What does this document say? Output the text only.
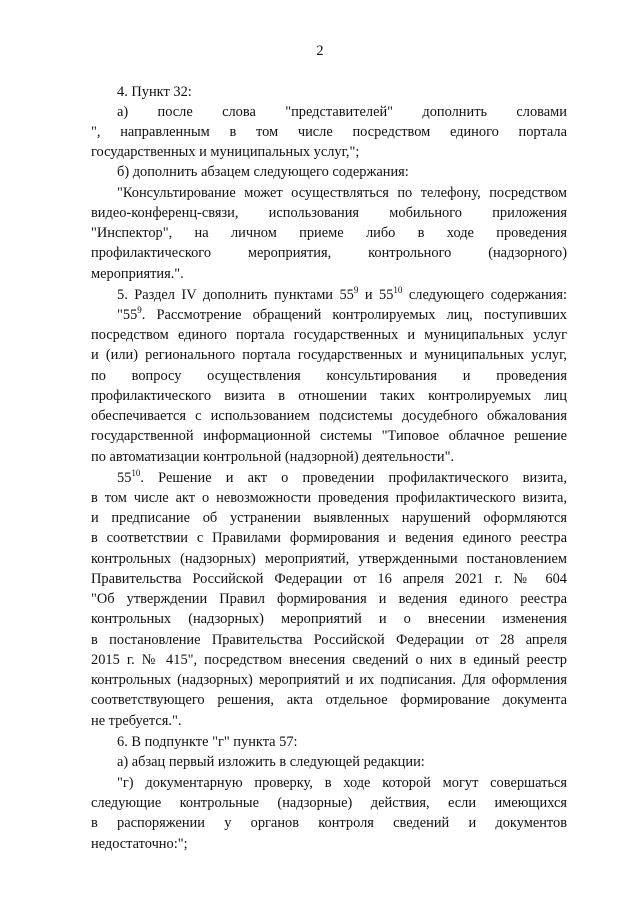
2
4. Пункт 32:
а) после слова "представителей" дополнить словами
", направленным в том числе посредством единого портала
государственных и муниципальных услуг,";
б) дополнить абзацем следующего содержания:
"Консультирование может осуществляться по телефону, посредством
видео-конференц-связи, использования мобильного приложения
"Инспектор", на личном приеме либо в ходе проведения
профилактического мероприятия, контрольного (надзорного)
мероприятия.".
5. Раздел IV дополнить пунктами $55^9$ и $55^{10}$ следующего содержания:
"$55^9$. Рассмотрение обращений контролируемых лиц, поступивших
посредством единого портала государственных и муниципальных услуг
и (или) регионального портала государственных и муниципальных услуг,
по вопросу осуществления консультирования и проведения
профилактического визита в отношении таких контролируемых лиц
обеспечивается с использованием подсистемы досудебного обжалования
государственной информационной системы "Типовое облачное решение
по автоматизации контрольной (надзорной) деятельности".
$55^{10}$. Решение и акт о проведении профилактического визита,
в том числе акт о невозможности проведения профилактического визита,
и предписание об устранении выявленных нарушений оформляются
в соответствии с Правилами формирования и ведения единого реестра
контрольных (надзорных) мероприятий, утвержденными постановлением
Правительства Российской Федерации от 16 апреля 2021 г. № 604
"Об утверждении Правил формирования и ведения единого реестра
контрольных (надзорных) мероприятий и о внесении изменения
в постановление Правительства Российской Федерации от 28 апреля
2015 г. № 415", посредством внесения сведений о них в единый реестр
контрольных (надзорных) мероприятий и их подписания. Для оформления
соответствующего решения, акта отдельное формирование документа
не требуется.".
6. В подпункте "г" пункта 57:
а) абзац первый изложить в следующей редакции:
"г) документарную проверку, в ходе которой могут совершаться
следующие контрольные (надзорные) действия, если имеющихся
в распоряжении у органов контроля сведений и документов
недостаточно:";
